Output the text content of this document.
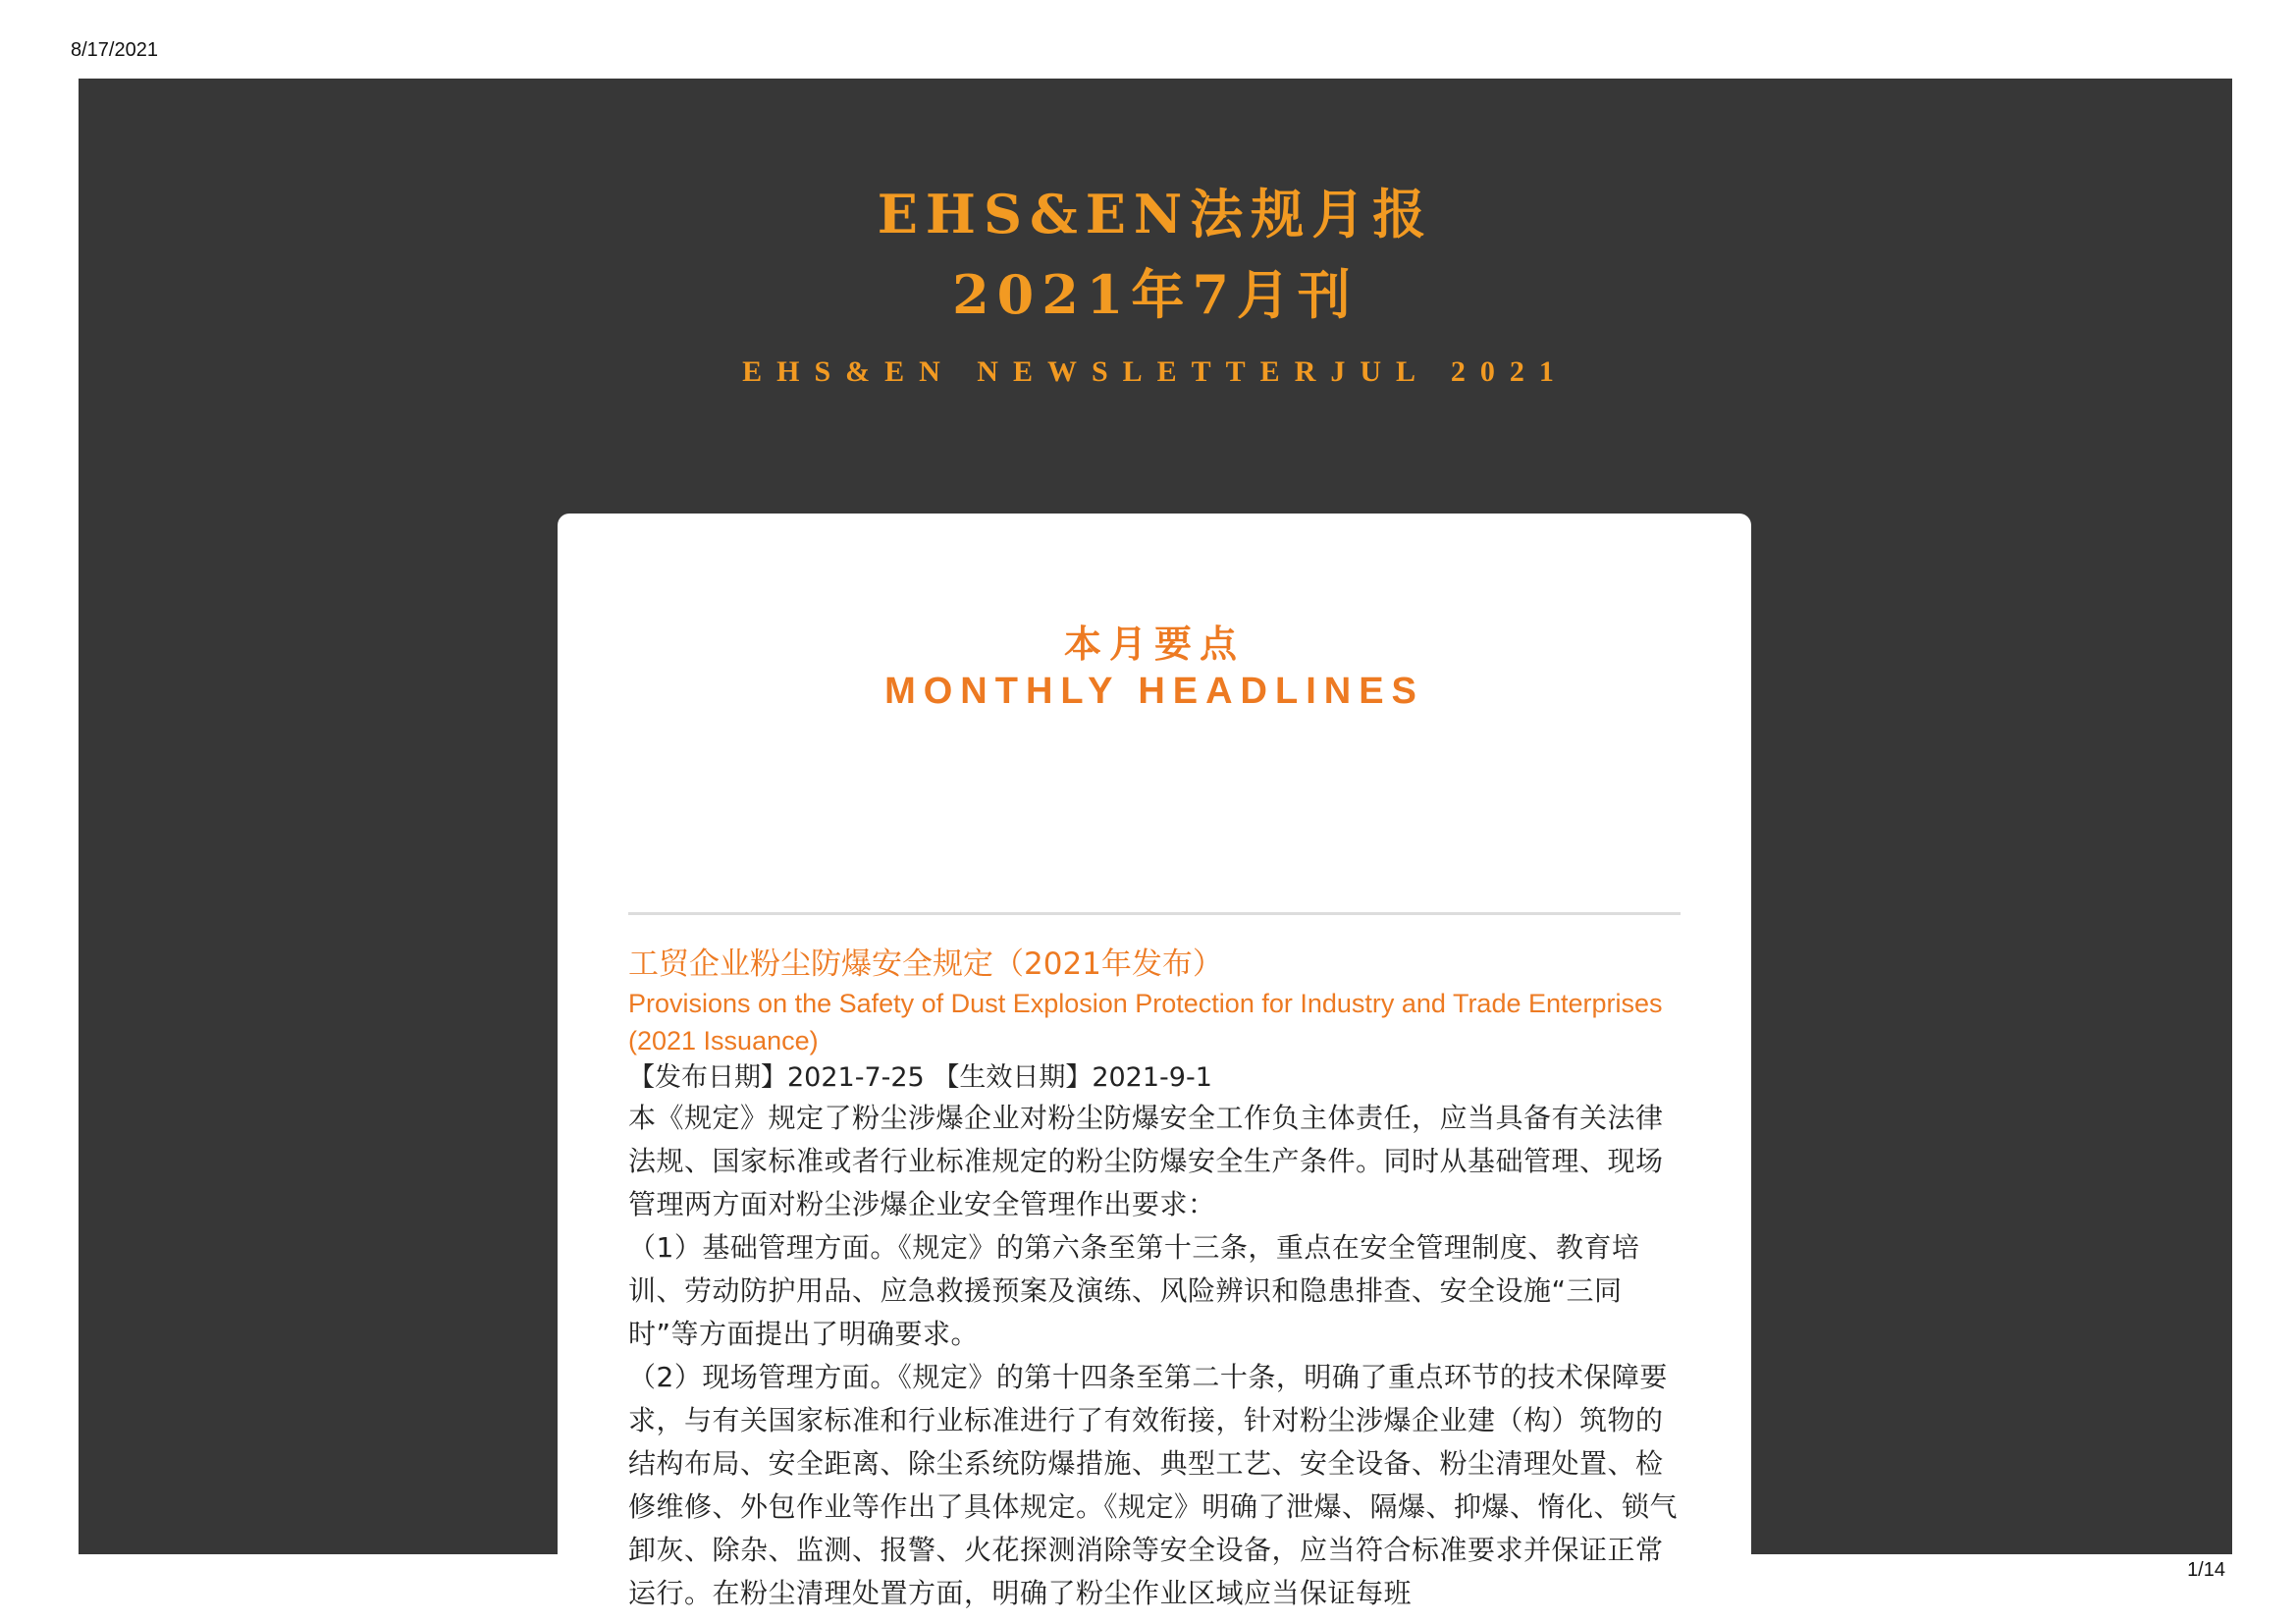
8/17/2021
EHS&EN法规月报
2021年7月刊
EHS&EN NEWSLETTERJUL 2021
本月要点
MONTHLY HEADLINES
工贸企业粉尘防爆安全规定（2021年发布）
Provisions on the Safety of Dust Explosion Protection for Industry and Trade Enterprises (2021 Issuance)
【发布日期】2021-7-25 【生效日期】2021-9-1

本《规定》规定了粉尘涉爆企业对粉尘防爆安全工作负主体责任，应当具备有关法律法规、国家标准或者行业标准规定的粉尘防爆安全生产条件。同时从基础管理、现场管理两方面对粉尘涉爆企业安全管理作出要求：

（1）基础管理方面。《规定》的第六条至第十三条，重点在安全管理制度、教育培训、劳动防护用品、应急救援预案及演练、风险辨识和隐患排查、安全设施“三同时”等方面提出了明确要求。

（2）现场管理方面。《规定》的第十四条至第二十条，明确了重点环节的技术保障要求，与有关国家标准和行业标准进行了有效衔接，针对粉尘涉爆企业建（构）筑物的结构布局、安全距离、除尘系统防爆措施、典型工艺、安全设备、粉尘清理处置、检修维修、外包作业等作出了具体规定。《规定》明确了泄爆、隔爆、抑爆、惰化、锁气卸灰、除杂、监测、报警、火花探测消除等安全设备，应当符合标准要求并保证正常运行。在粉尘清理处置方面，明确了粉尘作业区域应当保证每班

1/14
